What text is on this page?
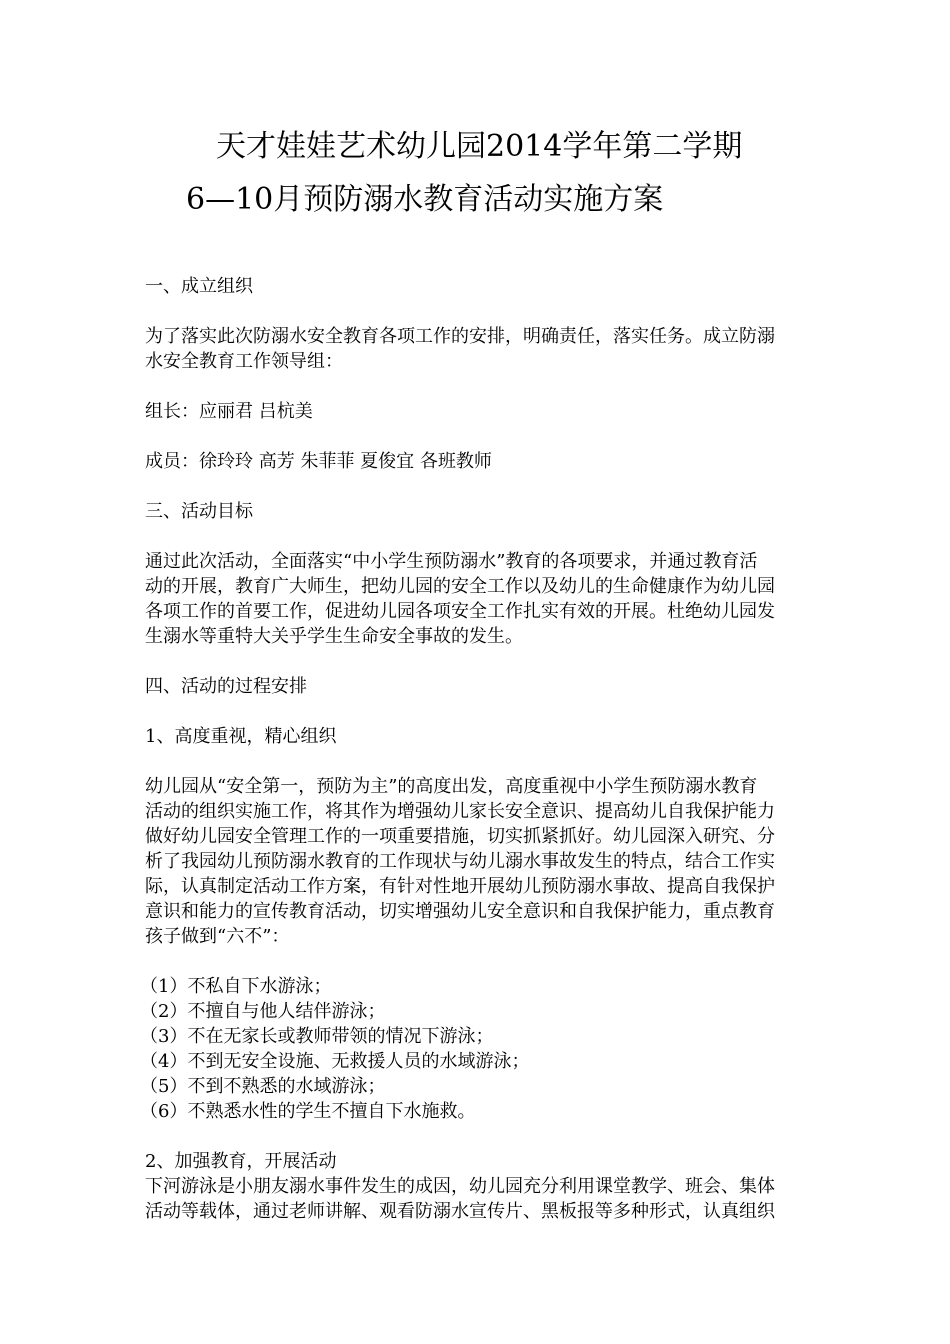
天才娃娃艺术幼儿园2014学年第二学期
6—10月预防溺水教育活动实施方案
一、成立组织
为了落实此次防溺水安全教育各项工作的安排，明确责任，落实任务。成立防溺
水安全教育工作领导组：
组长：应丽君 吕杭美
成员：徐玲玲 高芳 朱菲菲 夏俊宜 各班教师
三、活动目标
通过此次活动，全面落实“中小学生预防溺水”教育的各项要求，并通过教育活
动的开展，教育广大师生，把幼儿园的安全工作以及幼儿的生命健康作为幼儿园
各项工作的首要工作，促进幼儿园各项安全工作扎实有效的开展。杜绝幼儿园发
生溺水等重特大关乎学生生命安全事故的发生。
四、活动的过程安排
1、高度重视，精心组织
幼儿园从“安全第一，预防为主”的高度出发，高度重视中小学生预防溺水教育
活动的组织实施工作，将其作为增强幼儿家长安全意识、提高幼儿自我保护能力
做好幼儿园安全管理工作的一项重要措施，切实抓紧抓好。幼儿园深入研究、分
析了我园幼儿预防溺水教育的工作现状与幼儿溺水事故发生的特点，结合工作实
际，认真制定活动工作方案，有针对性地开展幼儿预防溺水事故、提高自我保护
意识和能力的宣传教育活动，切实增强幼儿安全意识和自我保护能力，重点教育
孩子做到“六不”：
（1）不私自下水游泳；
（2）不擅自与他人结伴游泳；
（3）不在无家长或教师带领的情况下游泳；
（4）不到无安全设施、无救援人员的水域游泳；
（5）不到不熟悉的水域游泳；
（6）不熟悉水性的学生不擅自下水施救。
2、加强教育，开展活动
下河游泳是小朋友溺水事件发生的成因，幼儿园充分利用课堂教学、班会、集体
活动等载体，通过老师讲解、观看防溺水宣传片、黑板报等多种形式，认真组织
